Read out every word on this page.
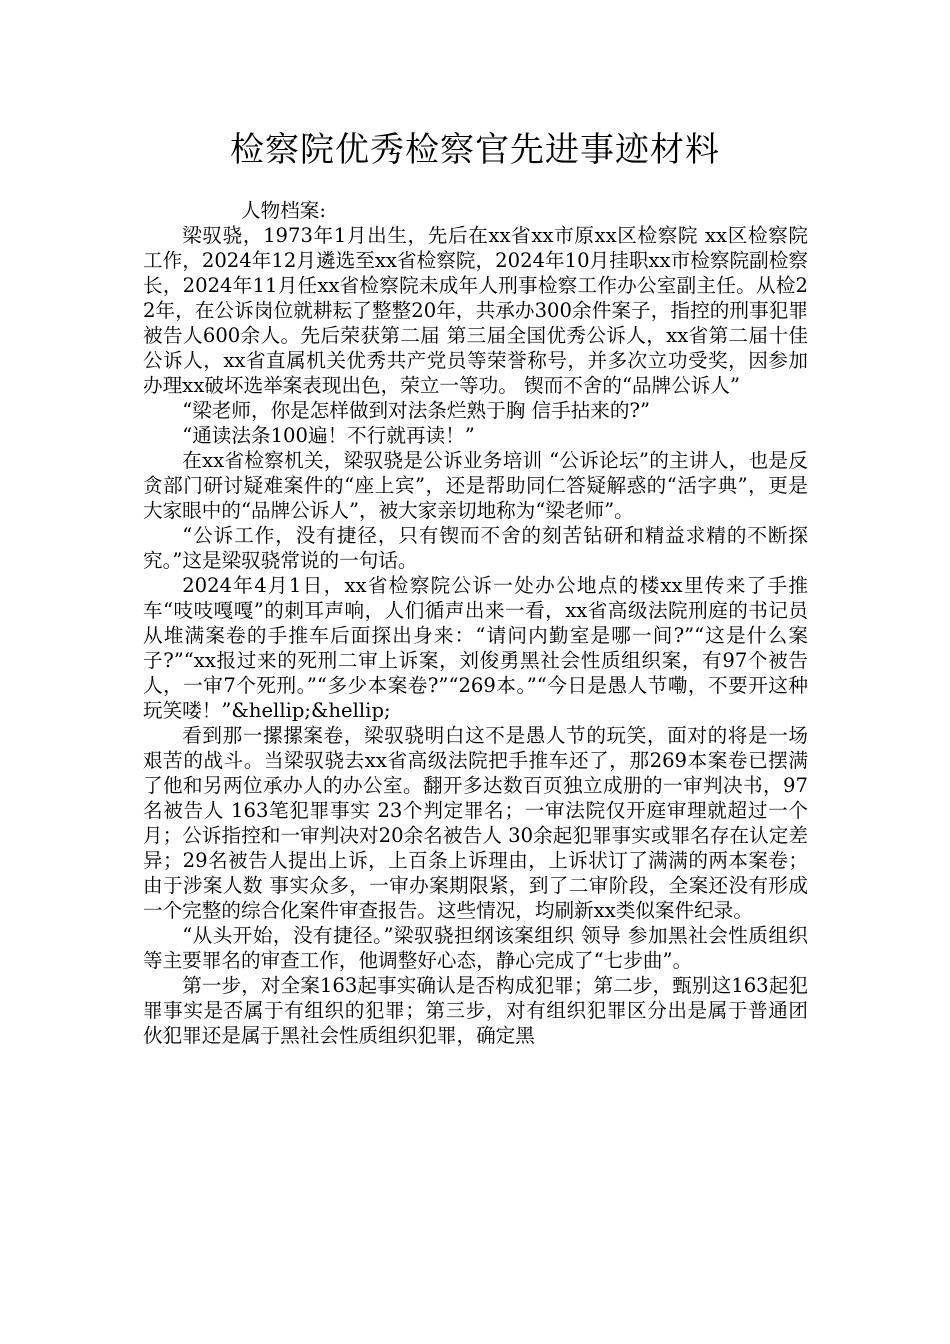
检察院优秀检察官先进事迹材料

人物档案:

梁驭骁，1973年1月出生，先后在xx省xx市原xx区检察院 xx区检察院工作，2024年12月遴选至xx省检察院，2024年10月挂职xx市检察院副检察长，2024年11月任xx省检察院未成年人刑事检察工作办公室副主任。从检22年，在公诉岗位就耕耘了整整20年，共承办300余件案子，指控的刑事犯罪被告人600余人。先后荣获第二届 第三届全国优秀公诉人，xx省第二届十佳公诉人，xx省直属机关优秀共产党员等荣誉称号，并多次立功受奖，因参加办理xx破坏选举案表现出色，荣立一等功。 锲而不舍的“品牌公诉人”

“梁老师，你是怎样做到对法条烂熟于胸 信手拈来的?”

“通读法条100遍！不行就再读！”

在xx省检察机关，梁驭骁是公诉业务培训 “公诉论坛”的主讲人，也是反贪部门研讨疑难案件的“座上宾”，还是帮助同仁答疑解惑的“活字典”，更是大家眼中的“品牌公诉人”，被大家亲切地称为“梁老师”。

“公诉工作，没有捷径，只有锲而不舍的刻苦钻研和精益求精的不断探究。”这是梁驭骁常说的一句话。

2024年4月1日，xx省检察院公诉一处办公地点的楼xx里传来了手推车“吱吱嘎嘎”的刺耳声响，人们循声出来一看，xx省高级法院刑庭的书记员从堆满案卷的手推车后面探出身来：“请问内勤室是哪一间?”“这是什么案子?”“xx报过来的死刑二审上诉案，刘俊勇黑社会性质组织案，有97个被告人，一审7个死刑。”“多少本案卷?”“269本。”“今日是愚人节嘞，不要开这种玩笑喽！”&hellip;&hellip;

看到那一摞摞案卷，梁驭骁明白这不是愚人节的玩笑，面对的将是一场艰苦的战斗。当梁驭骁去xx省高级法院把手推车还了，那269本案卷已摆满了他和另两位承办人的办公室。翻开多达数百页独立成册的一审判决书，97名被告人 163笔犯罪事实 23个判定罪名；一审法院仅开庭审理就超过一个月；公诉指控和一审判决对20余名被告人 30余起犯罪事实或罪名存在认定差异；29名被告人提出上诉，上百条上诉理由，上诉状订了满满的两本案卷；由于涉案人数 事实众多，一审办案期限紧，到了二审阶段，全案还没有形成一个完整的综合化案件审查报告。这些情况，均刷新xx类似案件纪录。

“从头开始，没有捷径。”梁驭骁担纲该案组织 领导 参加黑社会性质组织等主要罪名的审查工作，他调整好心态，静心完成了“七步曲”。

第一步，对全案163起事实确认是否构成犯罪；第二步，甄别这163起犯罪事实是否属于有组织的犯罪；第三步，对有组织犯罪区分出是属于普通团伙犯罪还是属于黑社会性质组织犯罪，确定黑
